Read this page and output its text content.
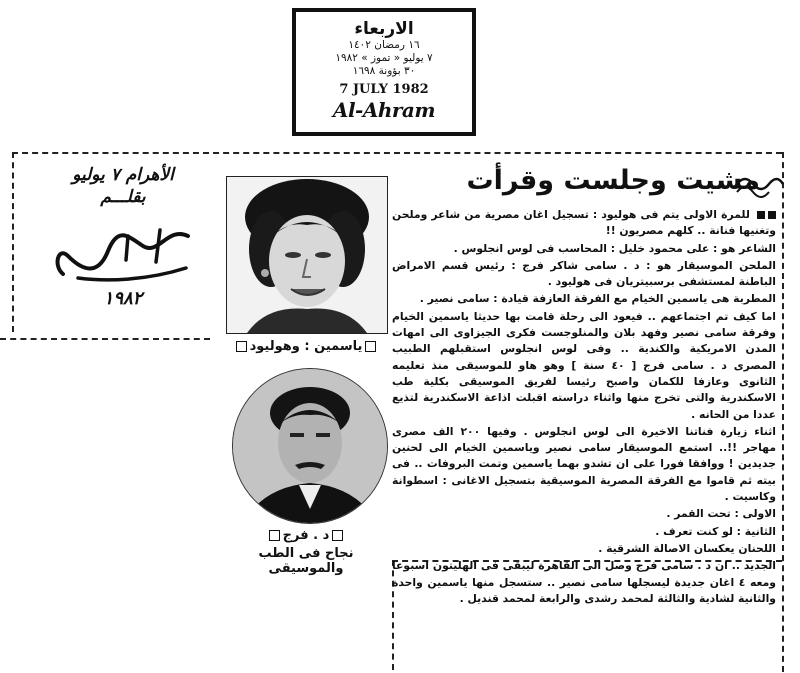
الاربعاء
١٦ رمضان ١٤٠٢
٧ يوليو « تموز » ١٩٨٢
٣٠ بؤونة ١٦٩٨
7 JULY 1982
Al-Ahram
الأهرام ٧ يوليو
بقلـــم
١٩٨٢
ياسمين : وهوليود
د . فرج
نجاح فى الطب والموسيقى
مشيت وجلست وقرأت

للمرة الاولى يتم فى هوليود : تسجيل اغان مصرية من شاعر وملحن وتغنيها فنانة .. كلهم مصريون !!

الشاعر هو : على محمود خليل : المحاسب فى لوس انجلوس .

الملحن الموسيقار هو : د . سامى شاكر فرج : رئيس قسم الامراض الباطنة لمستشفى برسبيتريان فى هوليود .

المطربة هى ياسمين الخيام مع الفرقة العازفة قيادة : سامى نصير .

اما كيف تم اجتماعهم .. فيعود الى رحلة قامت بها حديثا ياسمين الخيام وفرقة سامى نصير وفهد بلان والمنلوجست فكرى الجيزاوى الى امهات المدن الامريكية والكندية .. وفى لوس انجلوس استقبلهم الطبيب المصرى د . سامى فرج [ ٤٠ سنة ] وهو هاو للموسيقى منذ تعليمه الثانوى وعازفا للكمان واصبح رئيسا لفريق الموسيقى بكلية طب الاسكندرية والتى تخرج منها واثناء دراسته اقبلت اذاعة الاسكندرية لتذيع عددا من الحانه .

اثناء زيارة فناتنا الاخيرة الى لوس انجلوس . وفيها ٢٠٠ الف مصرى مهاجر !!.. استمع الموسيقار سامى نصير وياسمين الخيام الى لحنين جديدين ! ووافقا فورا على ان تشدو بهما ياسمين وتمت البروفات .. فى بيته ثم قاموا مع الفرقة المصرية الموسيقية بتسجيل الاغانى : اسطوانة وكاسيت .

الاولى : تحت القمر .

الثانية : لو كنت تعرف .

اللحنان يعكسان الاصالة الشرقية .

الجديد .. ان د . سامى فرج وصل الى القاهرة ليبقى فى الهليتون اسبوعا ومعه ٤ اغان جديدة ليسجلها سامى نصير .. ستسجل منها ياسمين واحدة والثانية لشادية والثالثة لمحمد رشدى والرابعة لمحمد قنديل .
